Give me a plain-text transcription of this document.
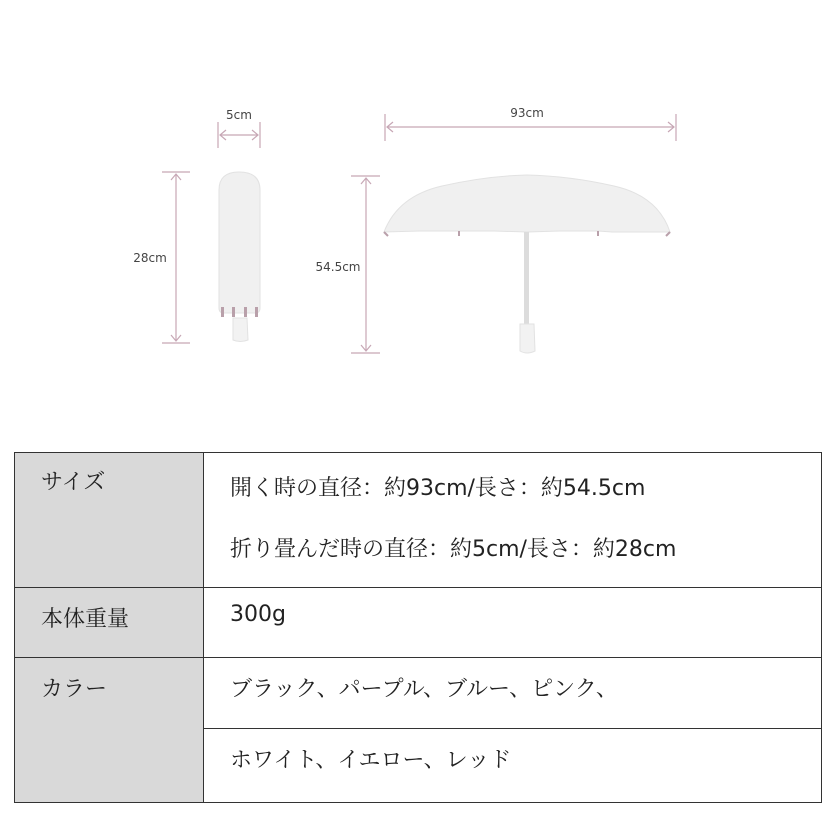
5cm
28cm
93cm
54.5cm
サイズ	開く時の直径：約93cm/長さ：約54.5cm
折り畳んだ時の直径：約5cm/長さ：約28cm

本体重量	300g
カラー	ブラック、パープル、ブルー、ピンク、
	ホワイト、イエロー、レッド
